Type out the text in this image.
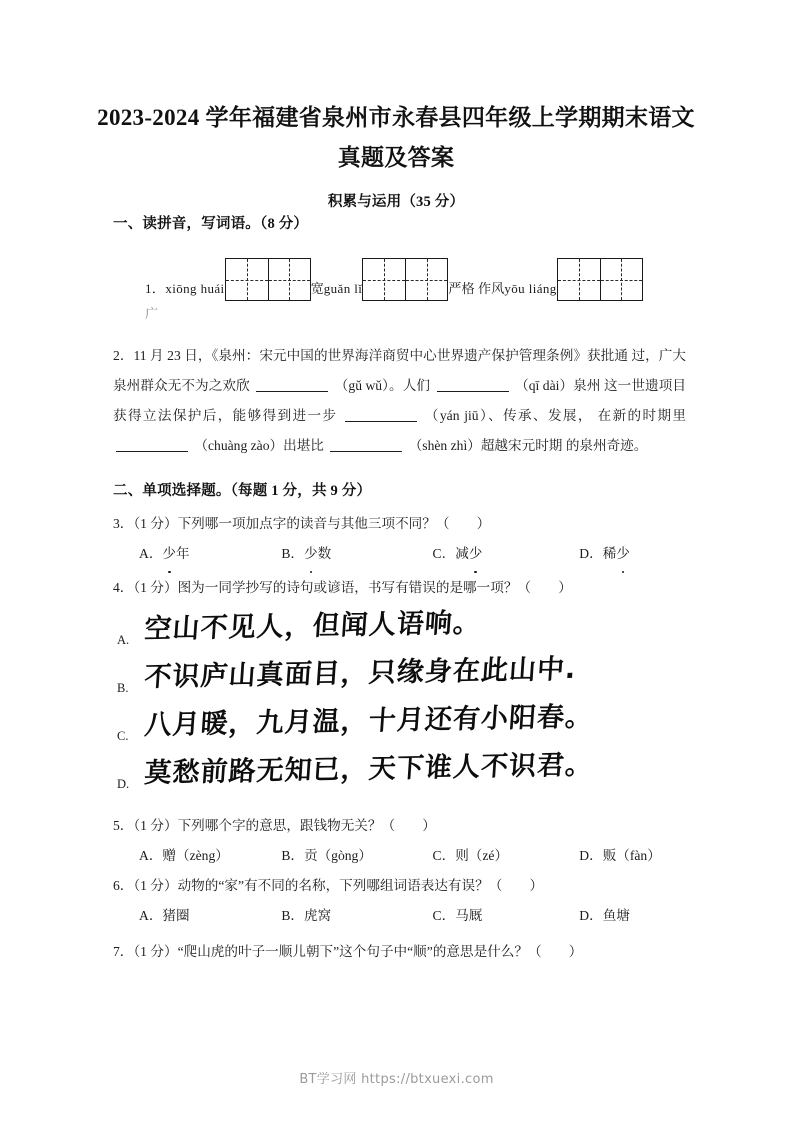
2023-2024 学年福建省泉州市永春县四年级上学期期末语文真题及答案
积累与运用（35 分）
一、读拼音，写词语。（8 分）
1． xiōng huái	宽 guǎn lǐ	严格 作风 yōu liáng
广
2．11 月 23 日，《泉州：宋元中国的世界海洋商贸中心世界遗产保护管理条例》获批通 过，广大泉州群众无不为之欢欣	（gǔ wǔ）。人们	（qī dài）泉州 这一世遗项目获得立法保护后，能够得到进一步	（yán jiū）、传承、发展， 在新的时期里  （chuàng zào）出堪比	（shèn zhì）超越宋元时期 的泉州奇迹。
二、单项选择题。（每题 1 分，共 9 分）
3．（1 分）下列哪一项加点字的读音与其他三项不同？（　　）
A．少年	B．少数	C．减少	D．稀少
4．（1 分）图为一同学抄写的诗句或谚语，书写有错误的是哪一项？（　　）
A. 空山不见人，但闻人语响。
B. 不识庐山真面目，只缘身在此山中.
C. 八月暖，九月温，十月还有小阳春。
D. 莫愁前路无知已，天下谁人不识君。
5．（1 分）下列哪个字的意思，跟钱物无关？（　　）
A．赠（zèng）	B．贡（gòng）	C．则（zé）	D．贩（fàn）
6．（1 分）动物的“家”有不同的名称，下列哪组词语表达有误？（　　）
A．猪圈	B．虎窝	C．马厩	D．鱼塘
7．（1 分）“爬山虎的叶子一顺儿朝下”这个句子中“顺”的意思是什么？（　　）
BT学习网 https://btxuexi.com
